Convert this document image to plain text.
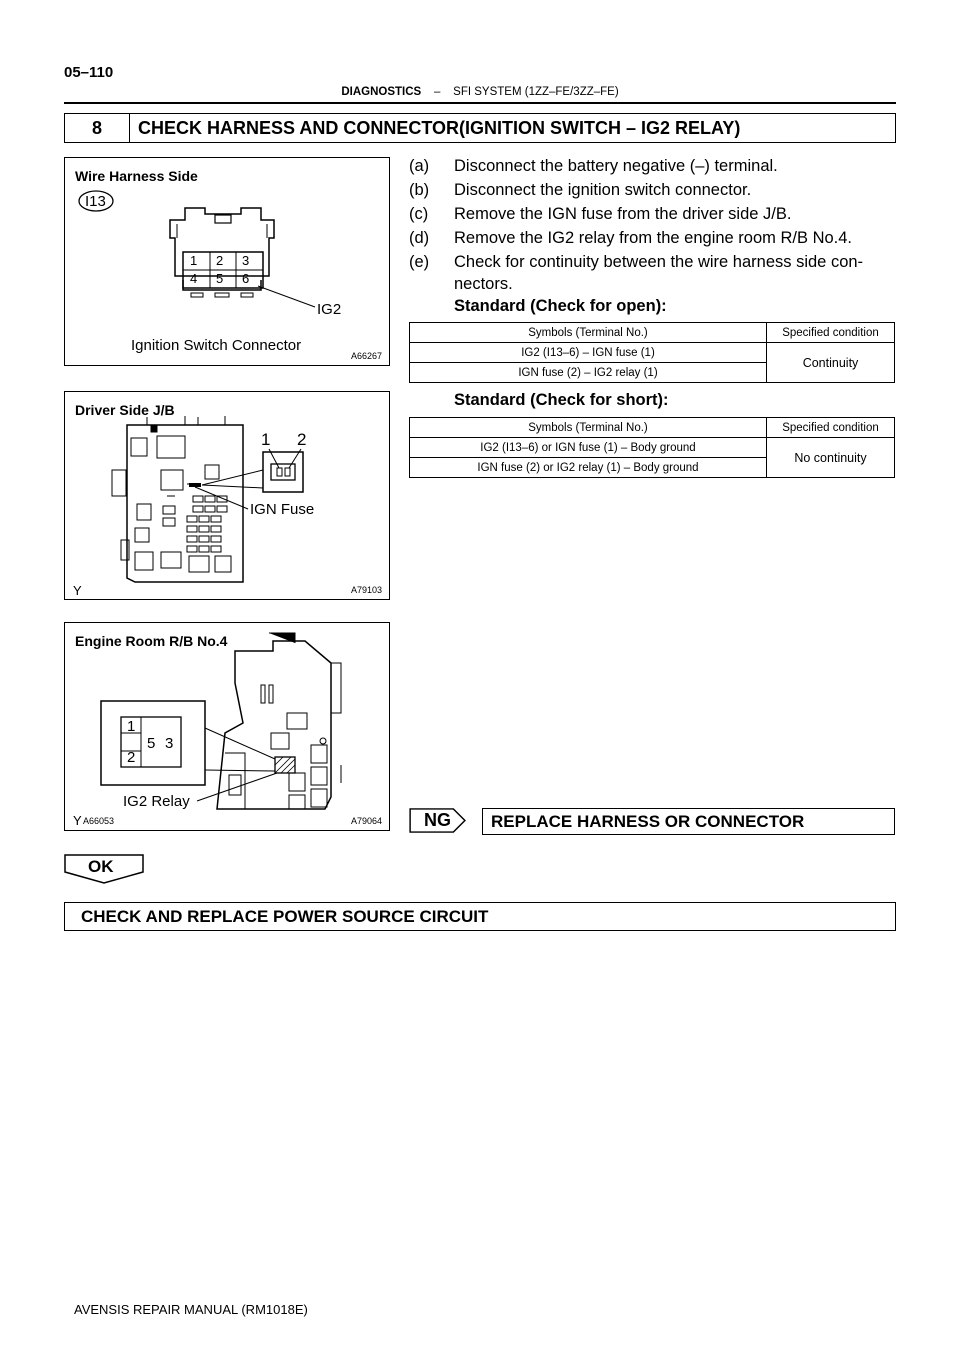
05–110
DIAGNOSTICS – SFI SYSTEM (1ZZ–FE/3ZZ–FE)
8	CHECK HARNESS AND CONNECTOR(IGNITION SWITCH – IG2 RELAY)
Wire Harness Side
I13
1 2 3
4 5 6
IG2
Ignition Switch Connector
A66267
Driver Side J/B
1 2
IGN Fuse
Y	A79103
Engine Room R/B No.4
1
2
5 3
IG2 Relay
Y A66053	A79064
(a) Disconnect the battery negative (–) terminal.
(b) Disconnect the ignition switch connector.
(c) Remove the IGN fuse from the driver side J/B.
(d) Remove the IG2 relay from the engine room R/B No.4.
(e) Check for continuity between the wire harness side con-
nectors.
Standard (Check for open):
Symbols (Terminal No.)	Specified condition
IG2 (I13–6) – IGN fuse (1)	Continuity
IGN fuse (2) – IG2 relay (1)	
Standard (Check for short):
Symbols (Terminal No.)	Specified condition
IG2 (I13–6) or IGN fuse (1) – Body ground	No continuity
IGN fuse (2) or IG2 relay (1) – Body ground	
NG REPLACE HARNESS OR CONNECTOR
OK
CHECK AND REPLACE POWER SOURCE CIRCUIT
AVENSIS REPAIR MANUAL (RM1018E)
